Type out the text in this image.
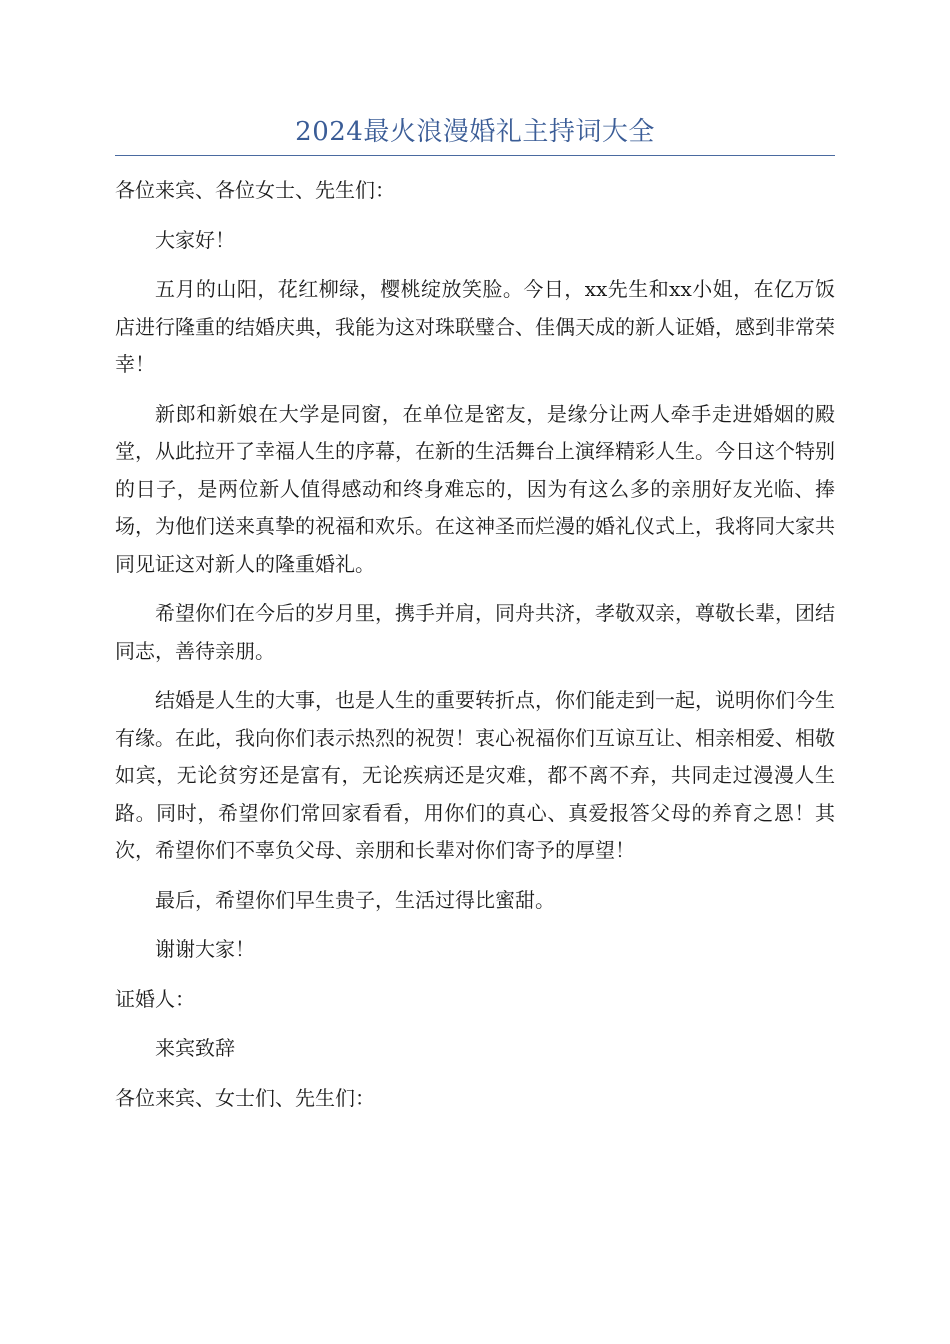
2024最火浪漫婚礼主持词大全

各位来宾、各位女士、先生们：

大家好！

五月的山阳，花红柳绿，樱桃绽放笑脸。今日，xx先生和xx小姐，在亿万饭店进行隆重的结婚庆典，我能为这对珠联璧合、佳偶天成的新人证婚，感到非常荣幸！

新郎和新娘在大学是同窗，在单位是密友，是缘分让两人牵手走进婚姻的殿堂，从此拉开了幸福人生的序幕，在新的生活舞台上演绎精彩人生。今日这个特别的日子，是两位新人值得感动和终身难忘的，因为有这么多的亲朋好友光临、捧场，为他们送来真挚的祝福和欢乐。在这神圣而烂漫的婚礼仪式上，我将同大家共同见证这对新人的隆重婚礼。

希望你们在今后的岁月里，携手并肩，同舟共济，孝敬双亲，尊敬长辈，团结同志，善待亲朋。

结婚是人生的大事，也是人生的重要转折点，你们能走到一起，说明你们今生有缘。在此，我向你们表示热烈的祝贺！衷心祝福你们互谅互让、相亲相爱、相敬如宾，无论贫穷还是富有，无论疾病还是灾难，都不离不弃，共同走过漫漫人生路。同时，希望你们常回家看看，用你们的真心、真爱报答父母的养育之恩！其次，希望你们不辜负父母、亲朋和长辈对你们寄予的厚望！

最后，希望你们早生贵子，生活过得比蜜甜。

谢谢大家！

证婚人：

来宾致辞

各位来宾、女士们、先生们：
